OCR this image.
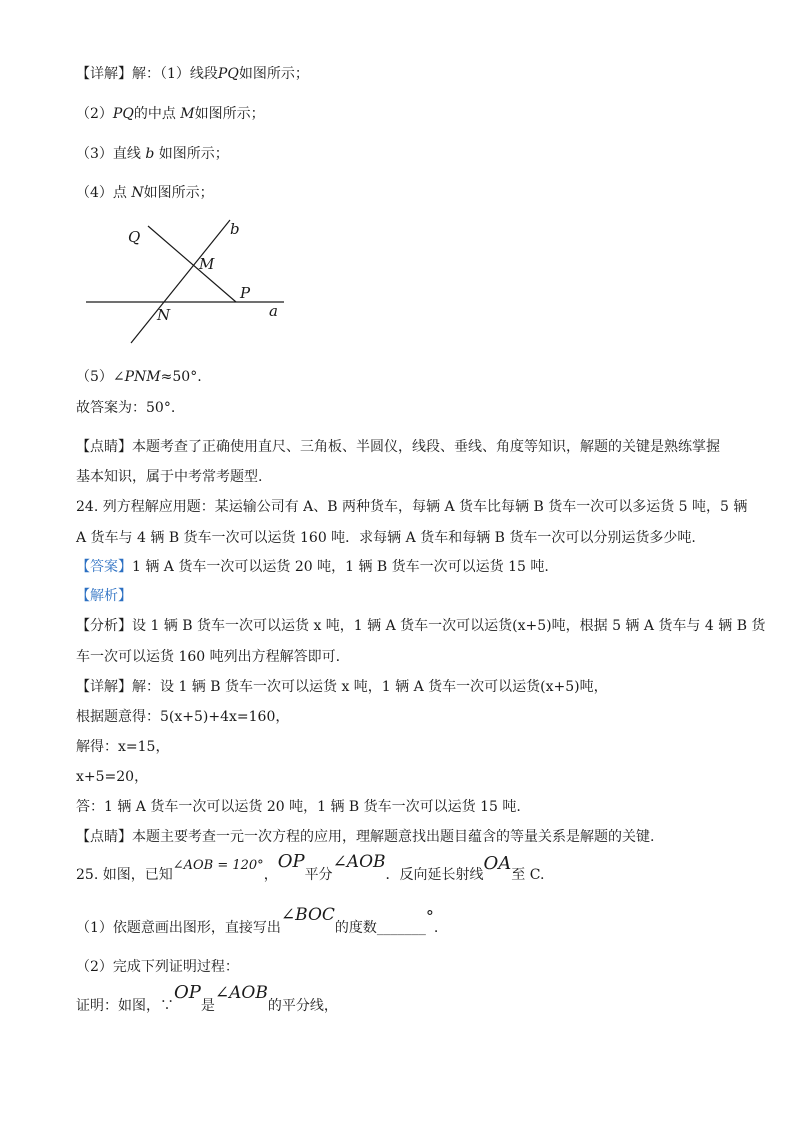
【详解】解：（1）线段PQ如图所示；
（2）PQ的中点 M如图所示；
（3）直线 b 如图所示；
（4）点 N如图所示；
Q	b
M
P
N	a
（5）∠PNM≈50°.
故答案为：50°.
【点睛】本题考查了正确使用直尺、三角板、半圆仪，线段、垂线、角度等知识，解题的关键是熟练掌握
基本知识，属于中考常考题型.
24. 列方程解应用题：某运输公司有 A、B 两种货车，每辆 A 货车比每辆 B 货车一次可以多运货 5 吨，5 辆
A 货车与 4 辆 B 货车一次可以运货 160 吨．求每辆 A 货车和每辆 B 货车一次可以分别运货多少吨.
【答案】1 辆 A 货车一次可以运货 20 吨，1 辆 B 货车一次可以运货 15 吨.
【解析】
【分析】设 1 辆 B 货车一次可以运货 x 吨，1 辆 A 货车一次可以运货(x+5)吨，根据 5 辆 A 货车与 4 辆 B 货
车一次可以运货 160 吨列出方程解答即可.
【详解】解：设 1 辆 B 货车一次可以运货 x 吨，1 辆 A 货车一次可以运货(x+5)吨，
根据题意得：5(x+5)+4x=160，
解得：x=15，
x+5=20，
答：1 辆 A 货车一次可以运货 20 吨，1 辆 B 货车一次可以运货 15 吨.
【点睛】本题主要考查一元一次方程的应用，理解题意找出题目蕴含的等量关系是解题的关键.
25. 如图，已知∠AOB = 120°，OP平分∠AOB．反向延长射线OA至 C.
（1）依题意画出图形，直接写出∠BOC的度数_______°.
（2）完成下列证明过程：
证明：如图，∵OP是∠AOB的平分线，
